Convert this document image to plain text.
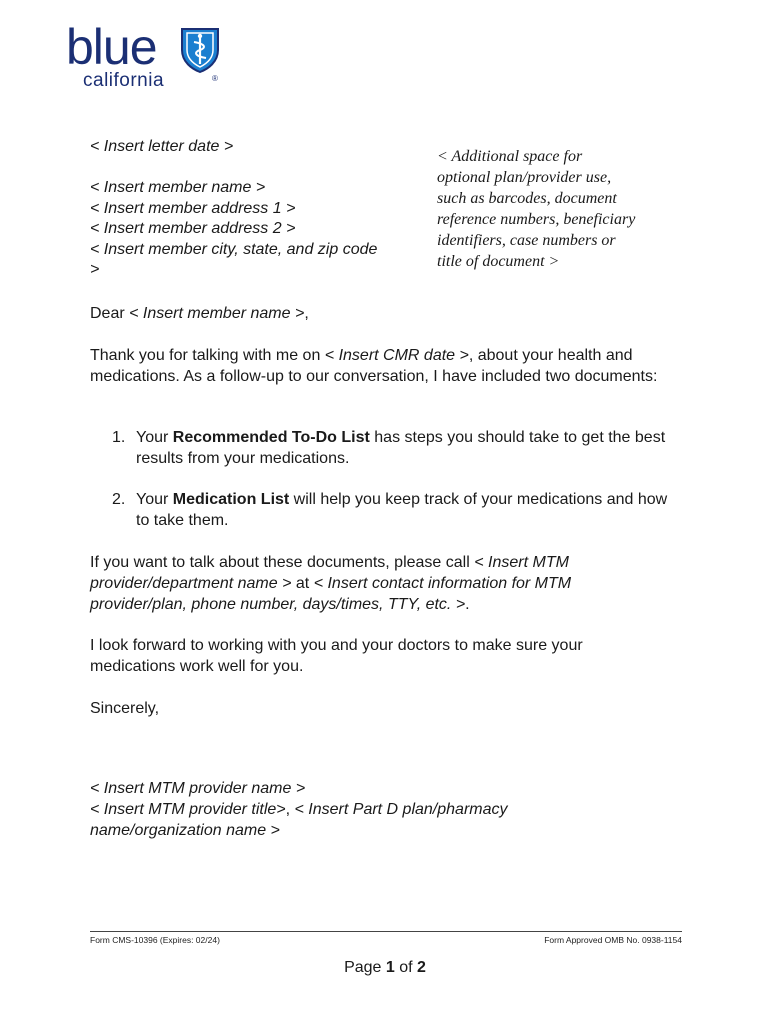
blue

california	®
< Insert letter date >
< Insert member name >
< Insert member address 1 >
< Insert member address 2 >
< Insert member city, state, and zip code
>
< Additional space for
optional plan/provider use,
such as barcodes, document
reference numbers, beneficiary
identifiers, case numbers or
title of document >

Dear < Insert member name >,

Thank you for talking with me on < Insert CMR date >, about your health and medications. As a follow-up to our conversation, I have included two documents:

1. Your Recommended To-Do List has steps you should take to get the best results from your medications.
2. Your Medication List will help you keep track of your medications and how to take them.

If you want to talk about these documents, please call < Insert MTM provider/department name > at < Insert contact information for MTM provider/plan, phone number, days/times, TTY, etc. >.

I look forward to working with you and your doctors to make sure your medications work well for you.

Sincerely,

< Insert MTM provider name >
< Insert MTM provider title>, < Insert Part D plan/pharmacy name/organization name >
Form CMS-10396 (Expires: 02/24)	Form Approved OMB No. 0938-1154
Page 1 of 2
